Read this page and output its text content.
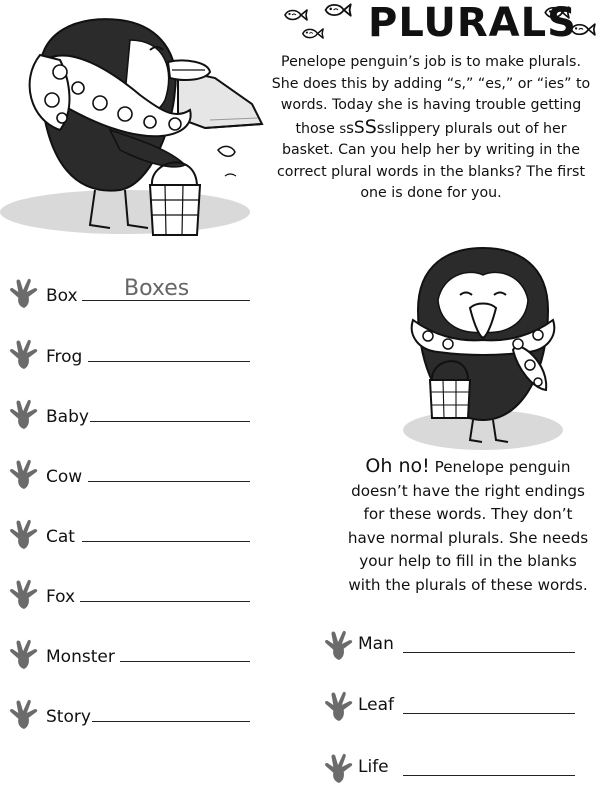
PLURALS
Penelope penguin’s job is to make plurals.
She does this by adding “s,” “es,” or “ies” to
words. Today she is having trouble getting
those ssSSsslippery plurals out of her
basket. Can you help her by writing in the
correct plural words in the blanks? The first
one is done for you.
Box Boxes
Frog
Baby
Cow
Cat
Fox
Monster
Story
Oh no! Penelope penguin
doesn’t have the right endings
for these words. They don’t
have normal plurals. She needs
your help to fill in the blanks
with the plurals of these words.
Man
Leaf
Life
